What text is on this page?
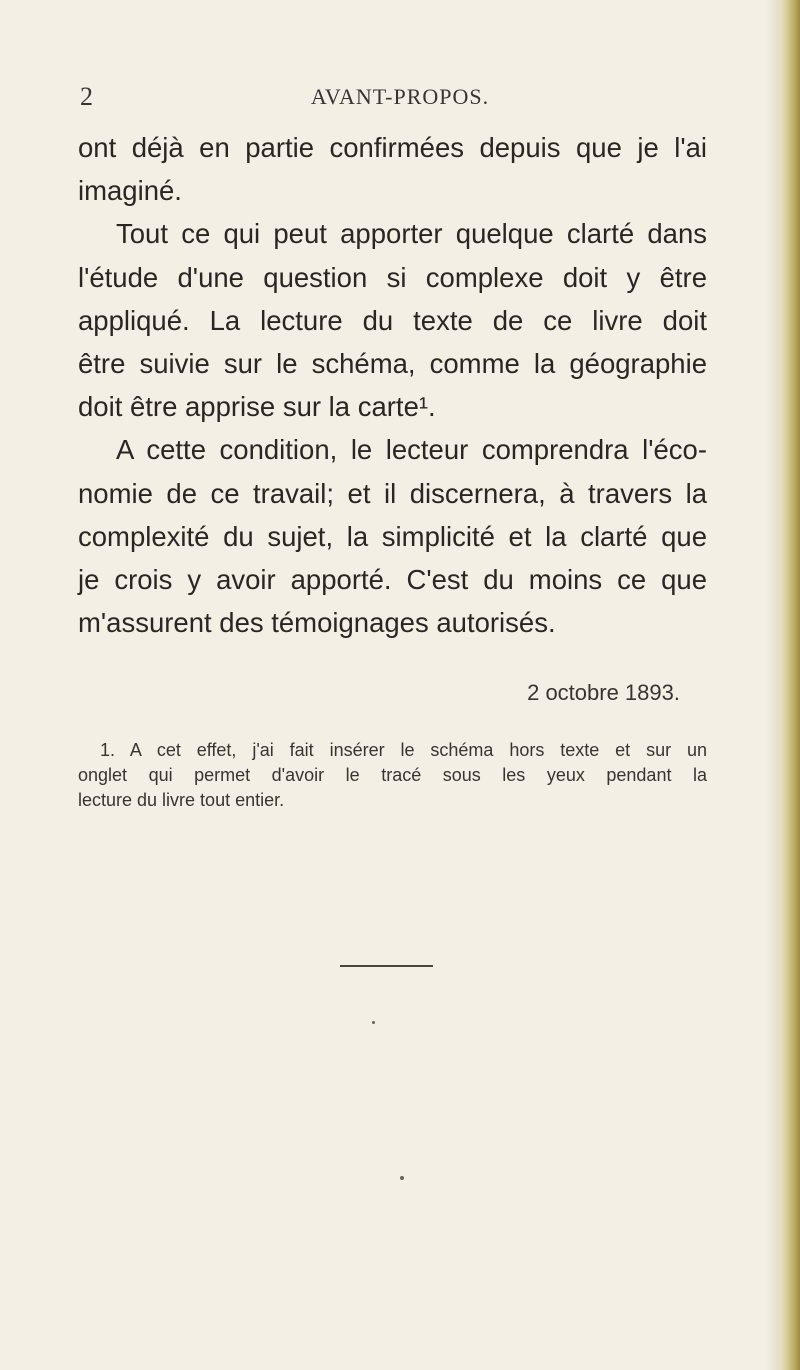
2	AVANT-PROPOS.
ont déjà en partie confirmées depuis que je l'ai
imaginé.
Tout ce qui peut apporter quelque clarté dans
l'étude d'une question si complexe doit y être
appliqué. La lecture du texte de ce livre doit
être suivie sur le schéma, comme la géographie
doit être apprise sur la carte¹.
A cette condition, le lecteur comprendra l'éco-
nomie de ce travail; et il discernera, à travers la
complexité du sujet, la simplicité et la clarté que
je crois y avoir apporté. C'est du moins ce que
m'assurent des témoignages autorisés.
2 octobre 1893.
1. A cet effet, j'ai fait insérer le schéma hors texte et sur un
onglet qui permet d'avoir le tracé sous les yeux pendant la
lecture du livre tout entier.
